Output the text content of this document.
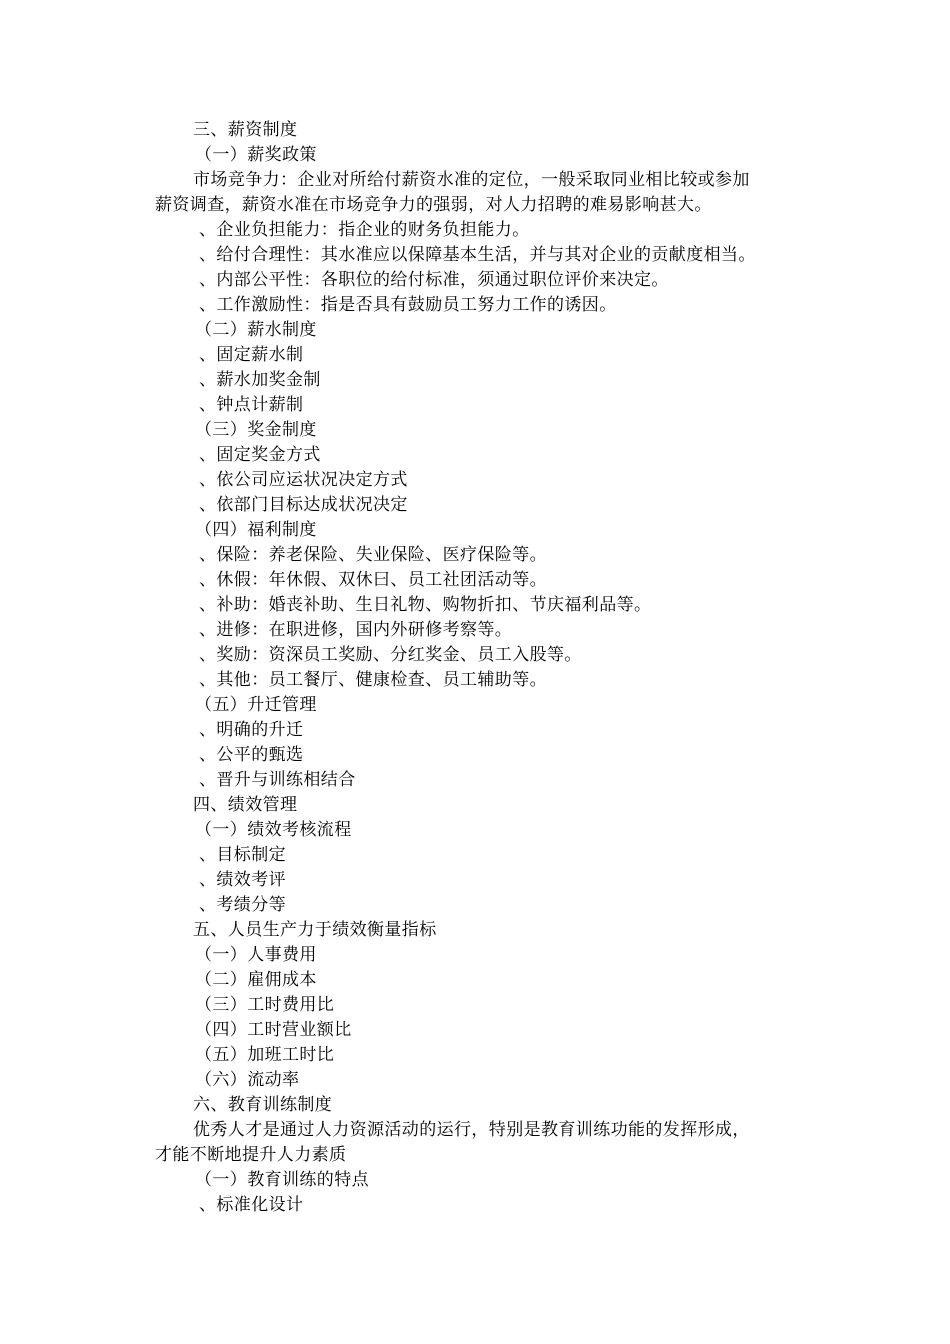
三、薪资制度
（一）薪奖政策
市场竞争力：企业对所给付薪资水准的定位，一般采取同业相比较或参加
薪资调查，薪资水准在市场竞争力的强弱，对人力招聘的难易影响甚大。
、企业负担能力：指企业的财务负担能力。
、给付合理性：其水准应以保障基本生活，并与其对企业的贡献度相当。
、内部公平性：各职位的给付标准，须通过职位评价来决定。
、工作激励性：指是否具有鼓励员工努力工作的诱因。
（二）薪水制度
、固定薪水制
、薪水加奖金制
、钟点计薪制
（三）奖金制度
、固定奖金方式
、依公司应运状况决定方式
、依部门目标达成状况决定
（四）福利制度
、保险：养老保险、失业保险、医疗保险等。
、休假：年休假、双休曰、员工社团活动等。
、补助：婚丧补助、生日礼物、购物折扣、节庆福利品等。
、进修：在职进修，国内外研修考察等。
、奖励：资深员工奖励、分红奖金、员工入股等。
、其他：员工餐厅、健康检查、员工辅助等。
（五）升迁管理
、明确的升迁
、公平的甄选
、晋升与训练相结合
四、绩效管理
（一）绩效考核流程
、目标制定
、绩效考评
、考绩分等
五、人员生产力于绩效衡量指标
（一）人事费用
（二）雇佣成本
（三）工时费用比
（四）工时营业额比
（五）加班工时比
（六）流动率
六、教育训练制度
优秀人才是通过人力资源活动的运行，特别是教育训练功能的发挥形成，
才能不断地提升人力素质
（一）教育训练的特点
、标准化设计
